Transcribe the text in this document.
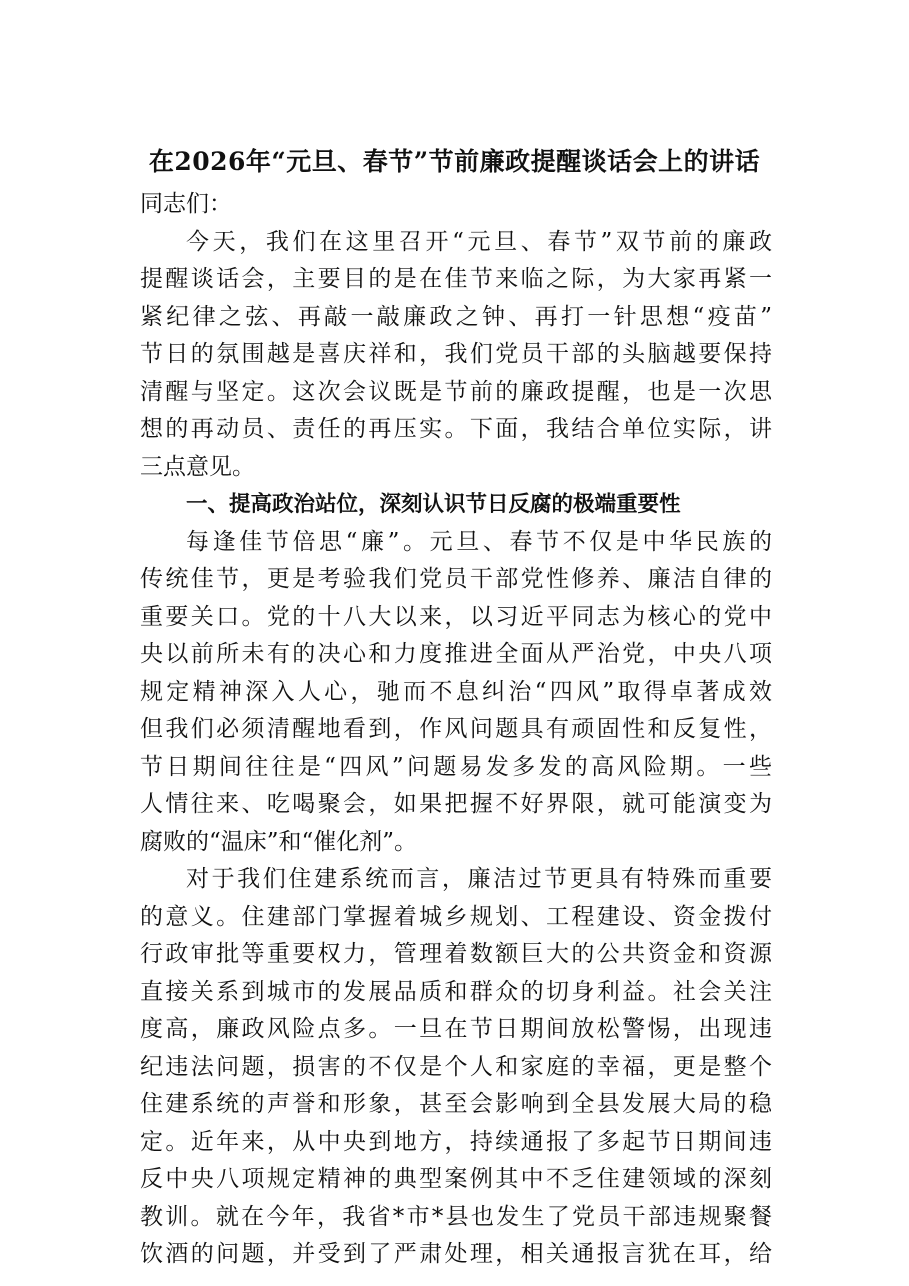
在2026年“元旦、春节”节前廉政提醒谈话会上的讲话
同志们：
今天，我们在这里召开“元旦、春节”双节前的廉政
提醒谈话会，主要目的是在佳节来临之际，为大家再紧一
紧纪律之弦、再敲一敲廉政之钟、再打一针思想“疫苗”
节日的氛围越是喜庆祥和，我们党员干部的头脑越要保持
清醒与坚定。这次会议既是节前的廉政提醒，也是一次思
想的再动员、责任的再压实。下面，我结合单位实际，讲
三点意见。
一、提高政治站位，深刻认识节日反腐的极端重要性
每逢佳节倍思“廉”。元旦、春节不仅是中华民族的
传统佳节，更是考验我们党员干部党性修养、廉洁自律的
重要关口。党的十八大以来，以习近平同志为核心的党中
央以前所未有的决心和力度推进全面从严治党，中央八项
规定精神深入人心，驰而不息纠治“四风”取得卓著成效
但我们必须清醒地看到，作风问题具有顽固性和反复性，
节日期间往往是“四风”问题易发多发的高风险期。一些
人情往来、吃喝聚会，如果把握不好界限，就可能演变为
腐败的“温床”和“催化剂”。
对于我们住建系统而言，廉洁过节更具有特殊而重要
的意义。住建部门掌握着城乡规划、工程建设、资金拨付
行政审批等重要权力，管理着数额巨大的公共资金和资源
直接关系到城市的发展品质和群众的切身利益。社会关注
度高，廉政风险点多。一旦在节日期间放松警惕，出现违
纪违法问题，损害的不仅是个人和家庭的幸福，更是整个
住建系统的声誉和形象，甚至会影响到全县发展大局的稳
定。近年来，从中央到地方，持续通报了多起节日期间违
反中央八项规定精神的典型案例其中不乏住建领域的深刻
教训。就在今年，我省*市*县也发生了党员干部违规聚餐
饮酒的问题，并受到了严肃处理，相关通报言犹在耳，给
